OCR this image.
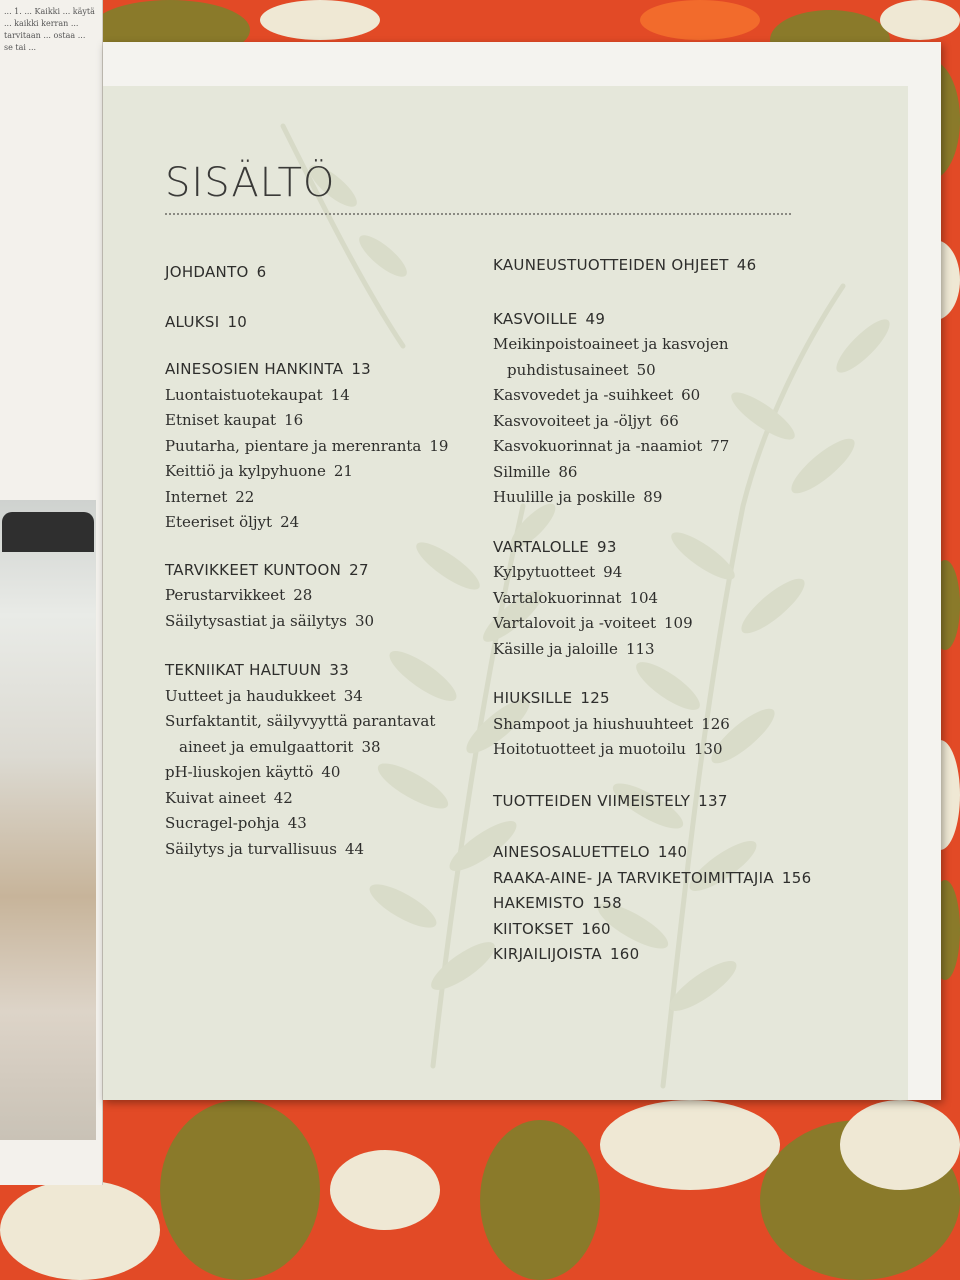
... 1. ... Kaikki ... käytä ... kaikki kerran ... tarvitaan ... ostaa ... se tai ...
SISÄLTÖ
JOHDANTO 6
ALUKSI 10
AINESOSIEN HANKINTA 13
Luontaistuotekaupat 14
Etniset kaupat 16
Puutarha, pientare ja merenranta 19
Keittiö ja kylpyhuone 21
Internet 22
Eteeriset öljyt 24
TARVIKKEET KUNTOON 27
Perustarvikkeet 28
Säilytysastiat ja säilytys 30
TEKNIIKAT HALTUUN 33
Uutteet ja haudukkeet 34
Surfaktantit, säilyvyyttä parantavat
aineet ja emulgaattorit 38
pH-liuskojen käyttö 40
Kuivat aineet 42
Sucragel-pohja 43
Säilytys ja turvallisuus 44
KAUNEUSTUOTTEIDEN OHJEET 46
KASVOILLE 49
Meikinpoistoaineet ja kasvojen
puhdistusaineet 50
Kasvovedet ja -suihkeet 60
Kasvovoiteet ja -öljyt 66
Kasvokuorinnat ja -naamiot 77
Silmille 86
Huulille ja poskille 89
VARTALOLLE 93
Kylpytuotteet 94
Vartalokuorinnat 104
Vartalovoit ja -voiteet 109
Käsille ja jaloille 113
HIUKSILLE 125
Shampoot ja hiushuuhteet 126
Hoitotuotteet ja muotoilu 130
TUOTTEIDEN VIIMEISTELY 137
AINESOSALUETTELO 140
RAAKA-AINE- JA TARVIKETOIMITTAJIA 156
HAKEMISTO 158
KIITOKSET 160
KIRJAILIJOISTA 160
